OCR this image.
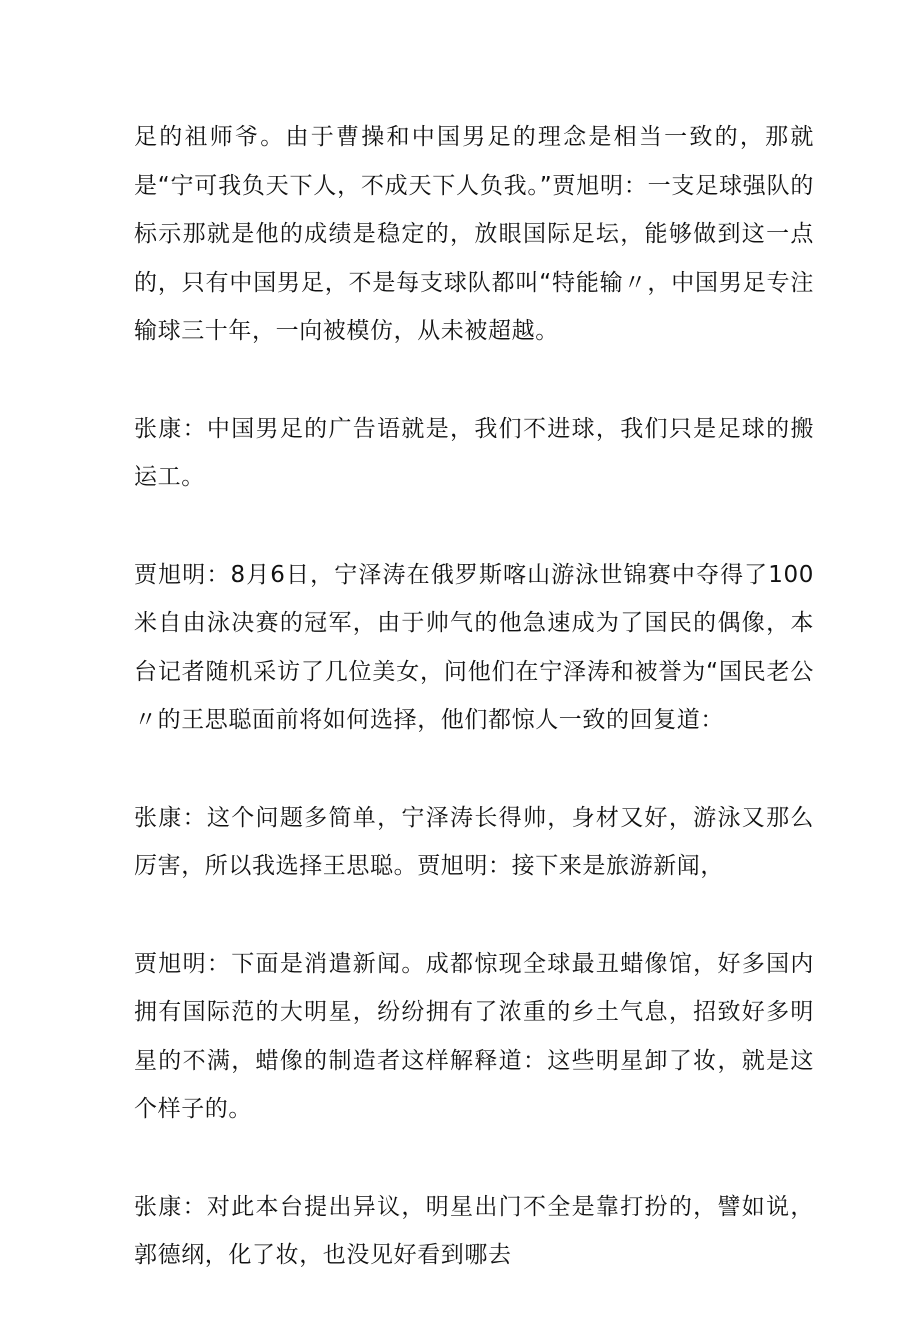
足的祖师爷。由于曹操和中国男足的理念是相当一致的，那就是“宁可我负天下人，不成天下人负我。”贾旭明：一支足球强队的标示那就是他的成绩是稳定的，放眼国际足坛，能够做到这一点的，只有中国男足，不是每支球队都叫“特能输〃，中国男足专注输球三十年，一向被模仿，从未被超越。

张康：中国男足的广告语就是，我们不进球，我们只是足球的搬运工。

贾旭明：8月6日，宁泽涛在俄罗斯喀山游泳世锦赛中夺得了100米自由泳决赛的冠军，由于帅气的他急速成为了国民的偶像，本台记者随机采访了几位美女，问他们在宁泽涛和被誉为“国民老公〃的王思聪面前将如何选择，他们都惊人一致的回复道：

张康：这个问题多简单，宁泽涛长得帅，身材又好，游泳又那么厉害，所以我选择王思聪。贾旭明：接下来是旅游新闻，

贾旭明：下面是消遣新闻。成都惊现全球最丑蜡像馆，好多国内拥有国际范的大明星，纷纷拥有了浓重的乡土气息，招致好多明星的不满，蜡像的制造者这样解释道：这些明星卸了妆，就是这个样子的。

张康：对此本台提出异议，明星出门不全是靠打扮的，譬如说，郭德纲，化了妆，也没见好看到哪去
